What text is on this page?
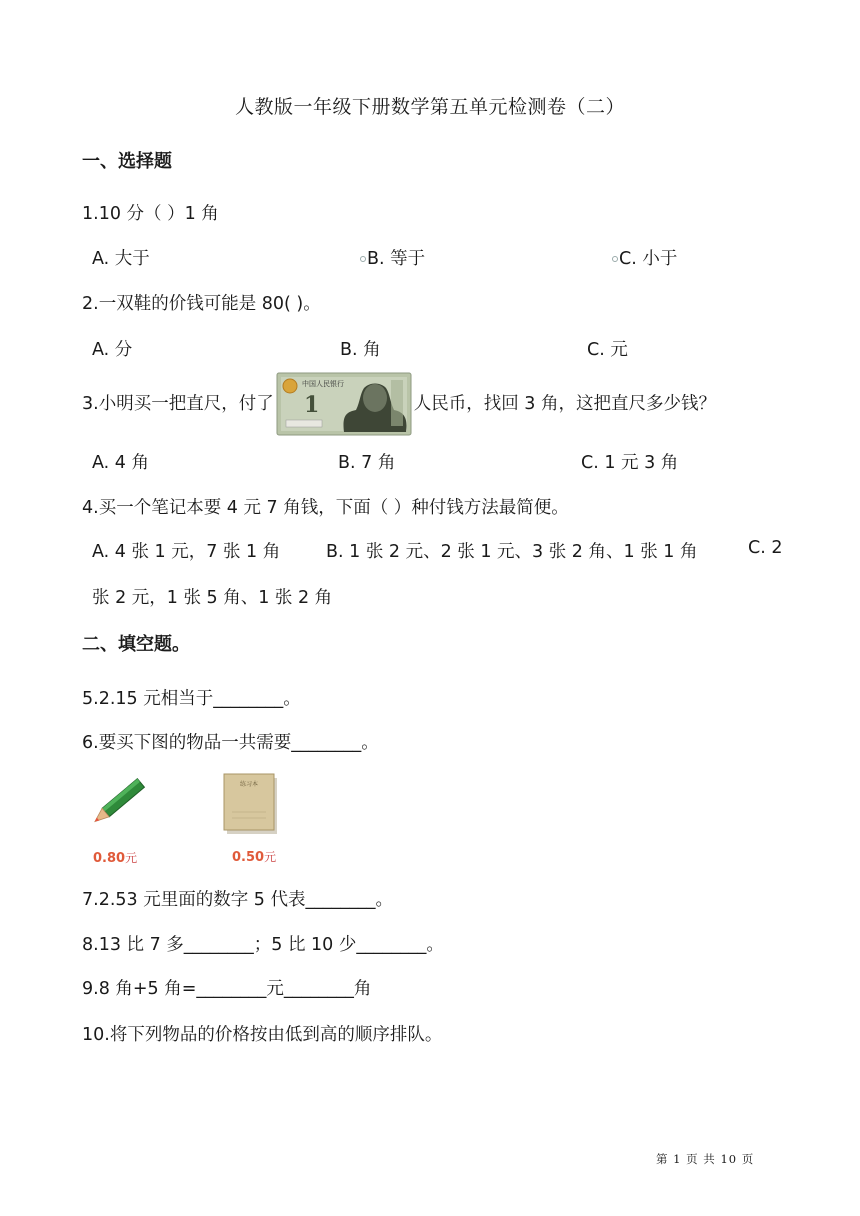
人教版一年级下册数学第五单元检测卷（二）
一、选择题
1.10 分（ ）1 角
A. 大于	B. 等于	C. 小于
2.一双鞋的价钱可能是 80( )。
A. 分	B. 角	C. 元
3.小明买一把直尺，付了
中国人民银行
1	人民币，找回 3 角，这把直尺多少钱？
A. 4 角	B. 7 角	C. 1 元 3 角
4.买一个笔记本要 4 元 7 角钱，下面（ ）种付钱方法最简便。
A. 4 张 1 元，7 张 1 角	B. 1 张 2 元、2 张 1 元、3 张 2 角、1 张 1 角	C. 2
张 2 元，1 张 5 角、1 张 2 角
二、填空题。
5.2.15 元相当于________。
6.要买下图的物品一共需要________。
0.80元
练习本
0.50元
7.2.53 元里面的数字 5 代表________。
8.13 比 7 多________；5 比 10 少________。
9.8 角+5 角=________元________角
10.将下列物品的价格按由低到高的顺序排队。
第 1 页 共 10 页
